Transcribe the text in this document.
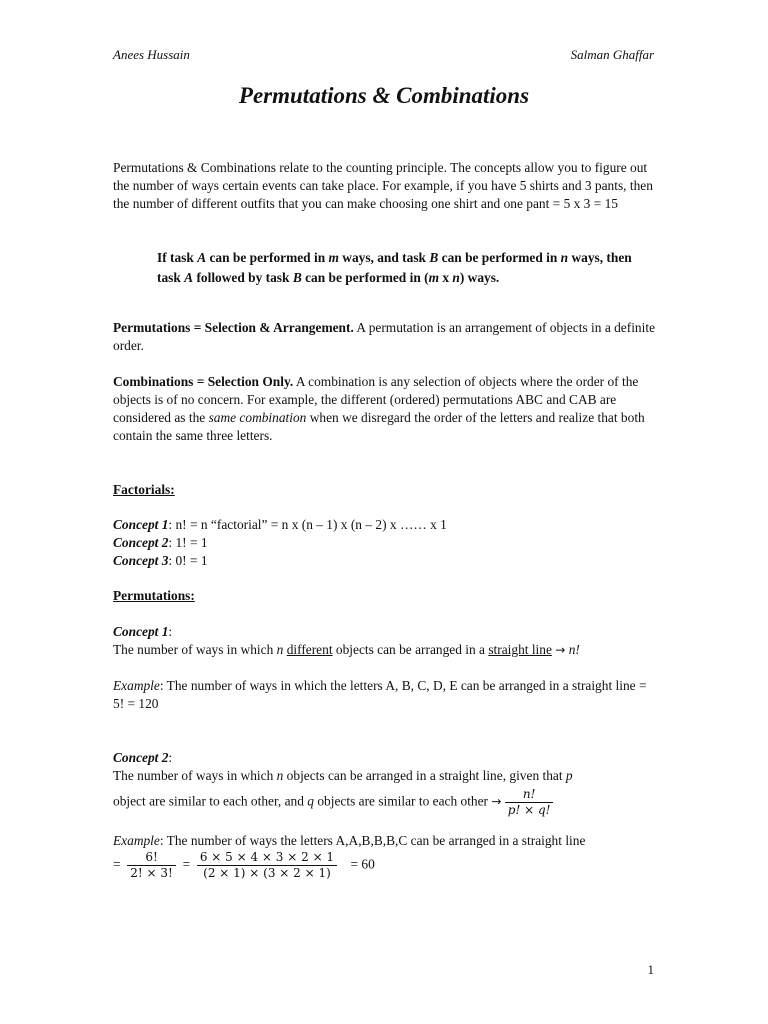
Anees Hussain	Salman Ghaffar
Permutations & Combinations

Permutations & Combinations relate to the counting principle. The concepts allow you to figure out the number of ways certain events can take place. For example, if you have 5 shirts and 3 pants, then the number of different outfits that you can make choosing one shirt and one pant = 5 x 3 = 15

If task A can be performed in m ways, and task B can be performed in n ways, then task A followed by task B can be performed in (m x n) ways.

Permutations = Selection & Arrangement. A permutation is an arrangement of objects in a definite order.

Combinations = Selection Only. A combination is any selection of objects where the order of the objects is of no concern. For example, the different (ordered) permutations ABC and CAB are considered as the same combination when we disregard the order of the letters and realize that both contain the same three letters.

Factorials:

Concept 1: n! = n “factorial” = n x (n – 1) x (n – 2) x …… x 1

Concept 2: 1! = 1

Concept 3: 0! = 1

Permutations:

Concept 1:

The number of ways in which n different objects can be arranged in a straight line → n!

Example: The number of ways in which the letters A, B, C, D, E can be arranged in a straight line = 5! = 120

Concept 2:

The number of ways in which n objects can be arranged in a straight line, given that p

object are similar to each other, and q objects are similar to each other → $\frac{n!}{p! \times q!}$

Example: The number of ways the letters A,A,B,B,B,C can be arranged in a straight line

= $\frac{6!}{2! \times 3!} = \frac{6 \times 5 \times 4 \times 3 \times 2 \times 1}{(2 \times 1) \times (3 \times 2 \times 1)} = 60$

1
